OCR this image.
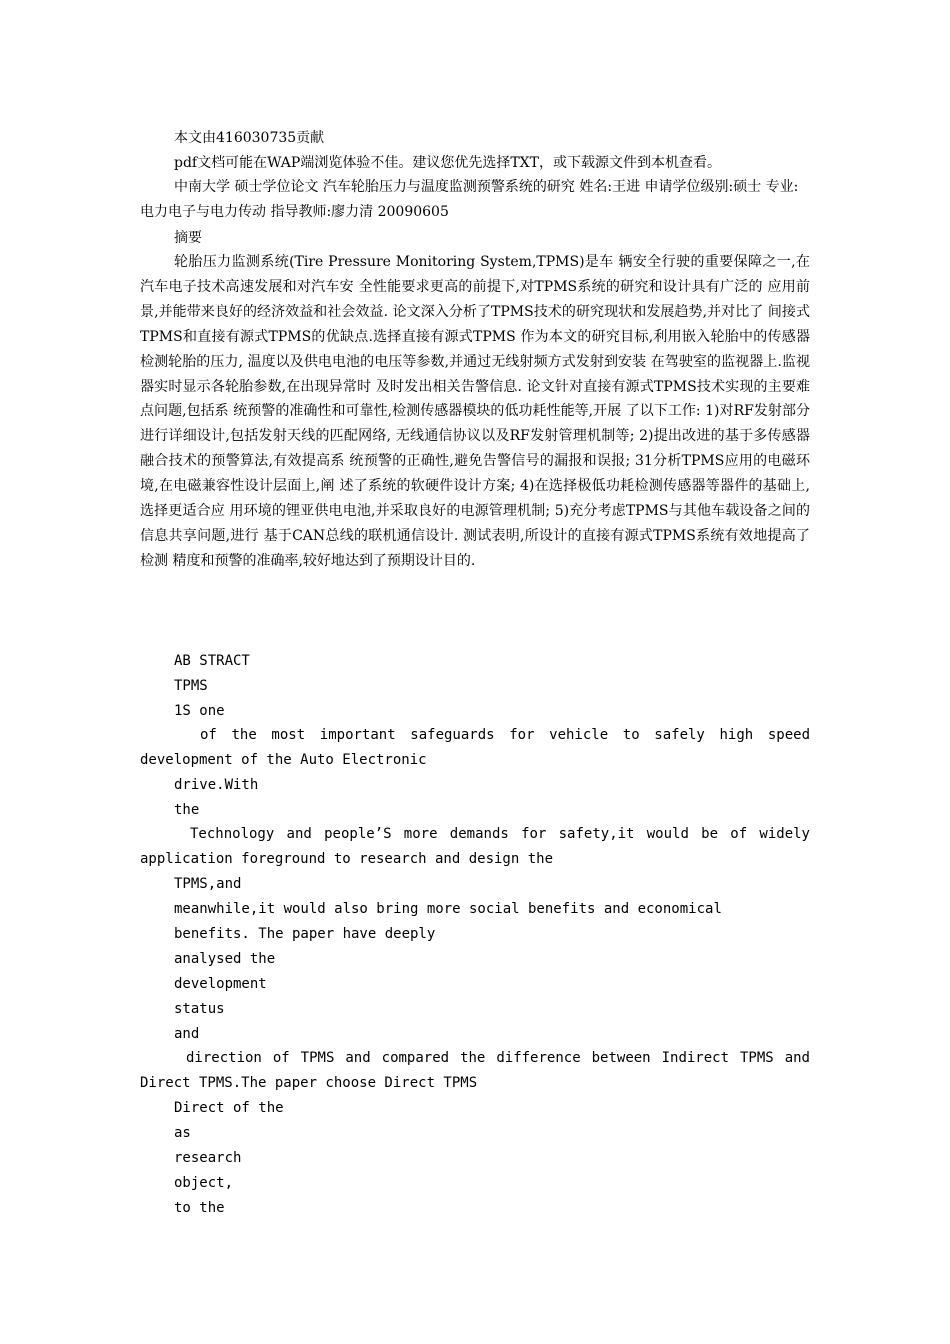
本文由416030735贡献
pdf文档可能在WAP端浏览体验不佳。建议您优先选择TXT，或下载源文件到本机查看。
中南大学 硕士学位论文 汽车轮胎压力与温度监测预警系统的研究 姓名:王进 申请学位级别:硕士 专业:电力电子与电力传动 指导教师:廖力清 20090605
摘要
轮胎压力监测系统(Tire Pressure Monitoring System,TPMS)是车 辆安全行驶的重要保障之一,在汽车电子技术高速发展和对汽车安 全性能要求更高的前提下,对TPMS系统的研究和设计具有广泛的 应用前景,并能带来良好的经济效益和社会效益. 论文深入分析了TPMS技术的研究现状和发展趋势,并对比了 间接式TPMS和直接有源式TPMS的优缺点.选择直接有源式TPMS 作为本文的研究目标,利用嵌入轮胎中的传感器检测轮胎的压力, 温度以及供电电池的电压等参数,并通过无线射频方式发射到安装 在驾驶室的监视器上.监视器实时显示各轮胎参数,在出现异常时 及时发出相关告警信息. 论文针对直接有源式TPMS技术实现的主要难点问题,包括系 统预警的准确性和可靠性,检测传感器模块的低功耗性能等,开展 了以下工作: 1)对RF发射部分进行详细设计,包括发射天线的匹配网络, 无线通信协议以及RF发射管理机制等; 2)提出改进的基于多传感器融合技术的预警算法,有效提高系 统预警的正确性,避免告警信号的漏报和误报; 31分析TPMS应用的电磁环境,在电磁兼容性设计层面上,阐 述了系统的软硬件设计方案; 4)在选择极低功耗检测传感器等器件的基础上,选择更适合应 用环境的锂亚供电电池,并采取良好的电源管理机制; 5)充分考虑TPMS与其他车载设备之间的信息共享问题,进行 基于CAN总线的联机通信设计. 测试表明,所设计的直接有源式TPMS系统有效地提高了检测 精度和预警的准确率,较好地达到了预期设计目的.
AB STRACT
TPMS
1S one
of the most important safeguards for vehicle to safely high speed development of the Auto Electronic
drive.With
the
Technology and people’S more demands for safety,it would be of widely application foreground to research and design the
TPMS,and
meanwhile,it would also bring more social benefits and economical
benefits. The paper have deeply
analysed the
development
status
and
direction of TPMS and compared the difference between Indirect TPMS and Direct TPMS.The paper choose Direct TPMS
Direct of the
as
research
object,
to the
